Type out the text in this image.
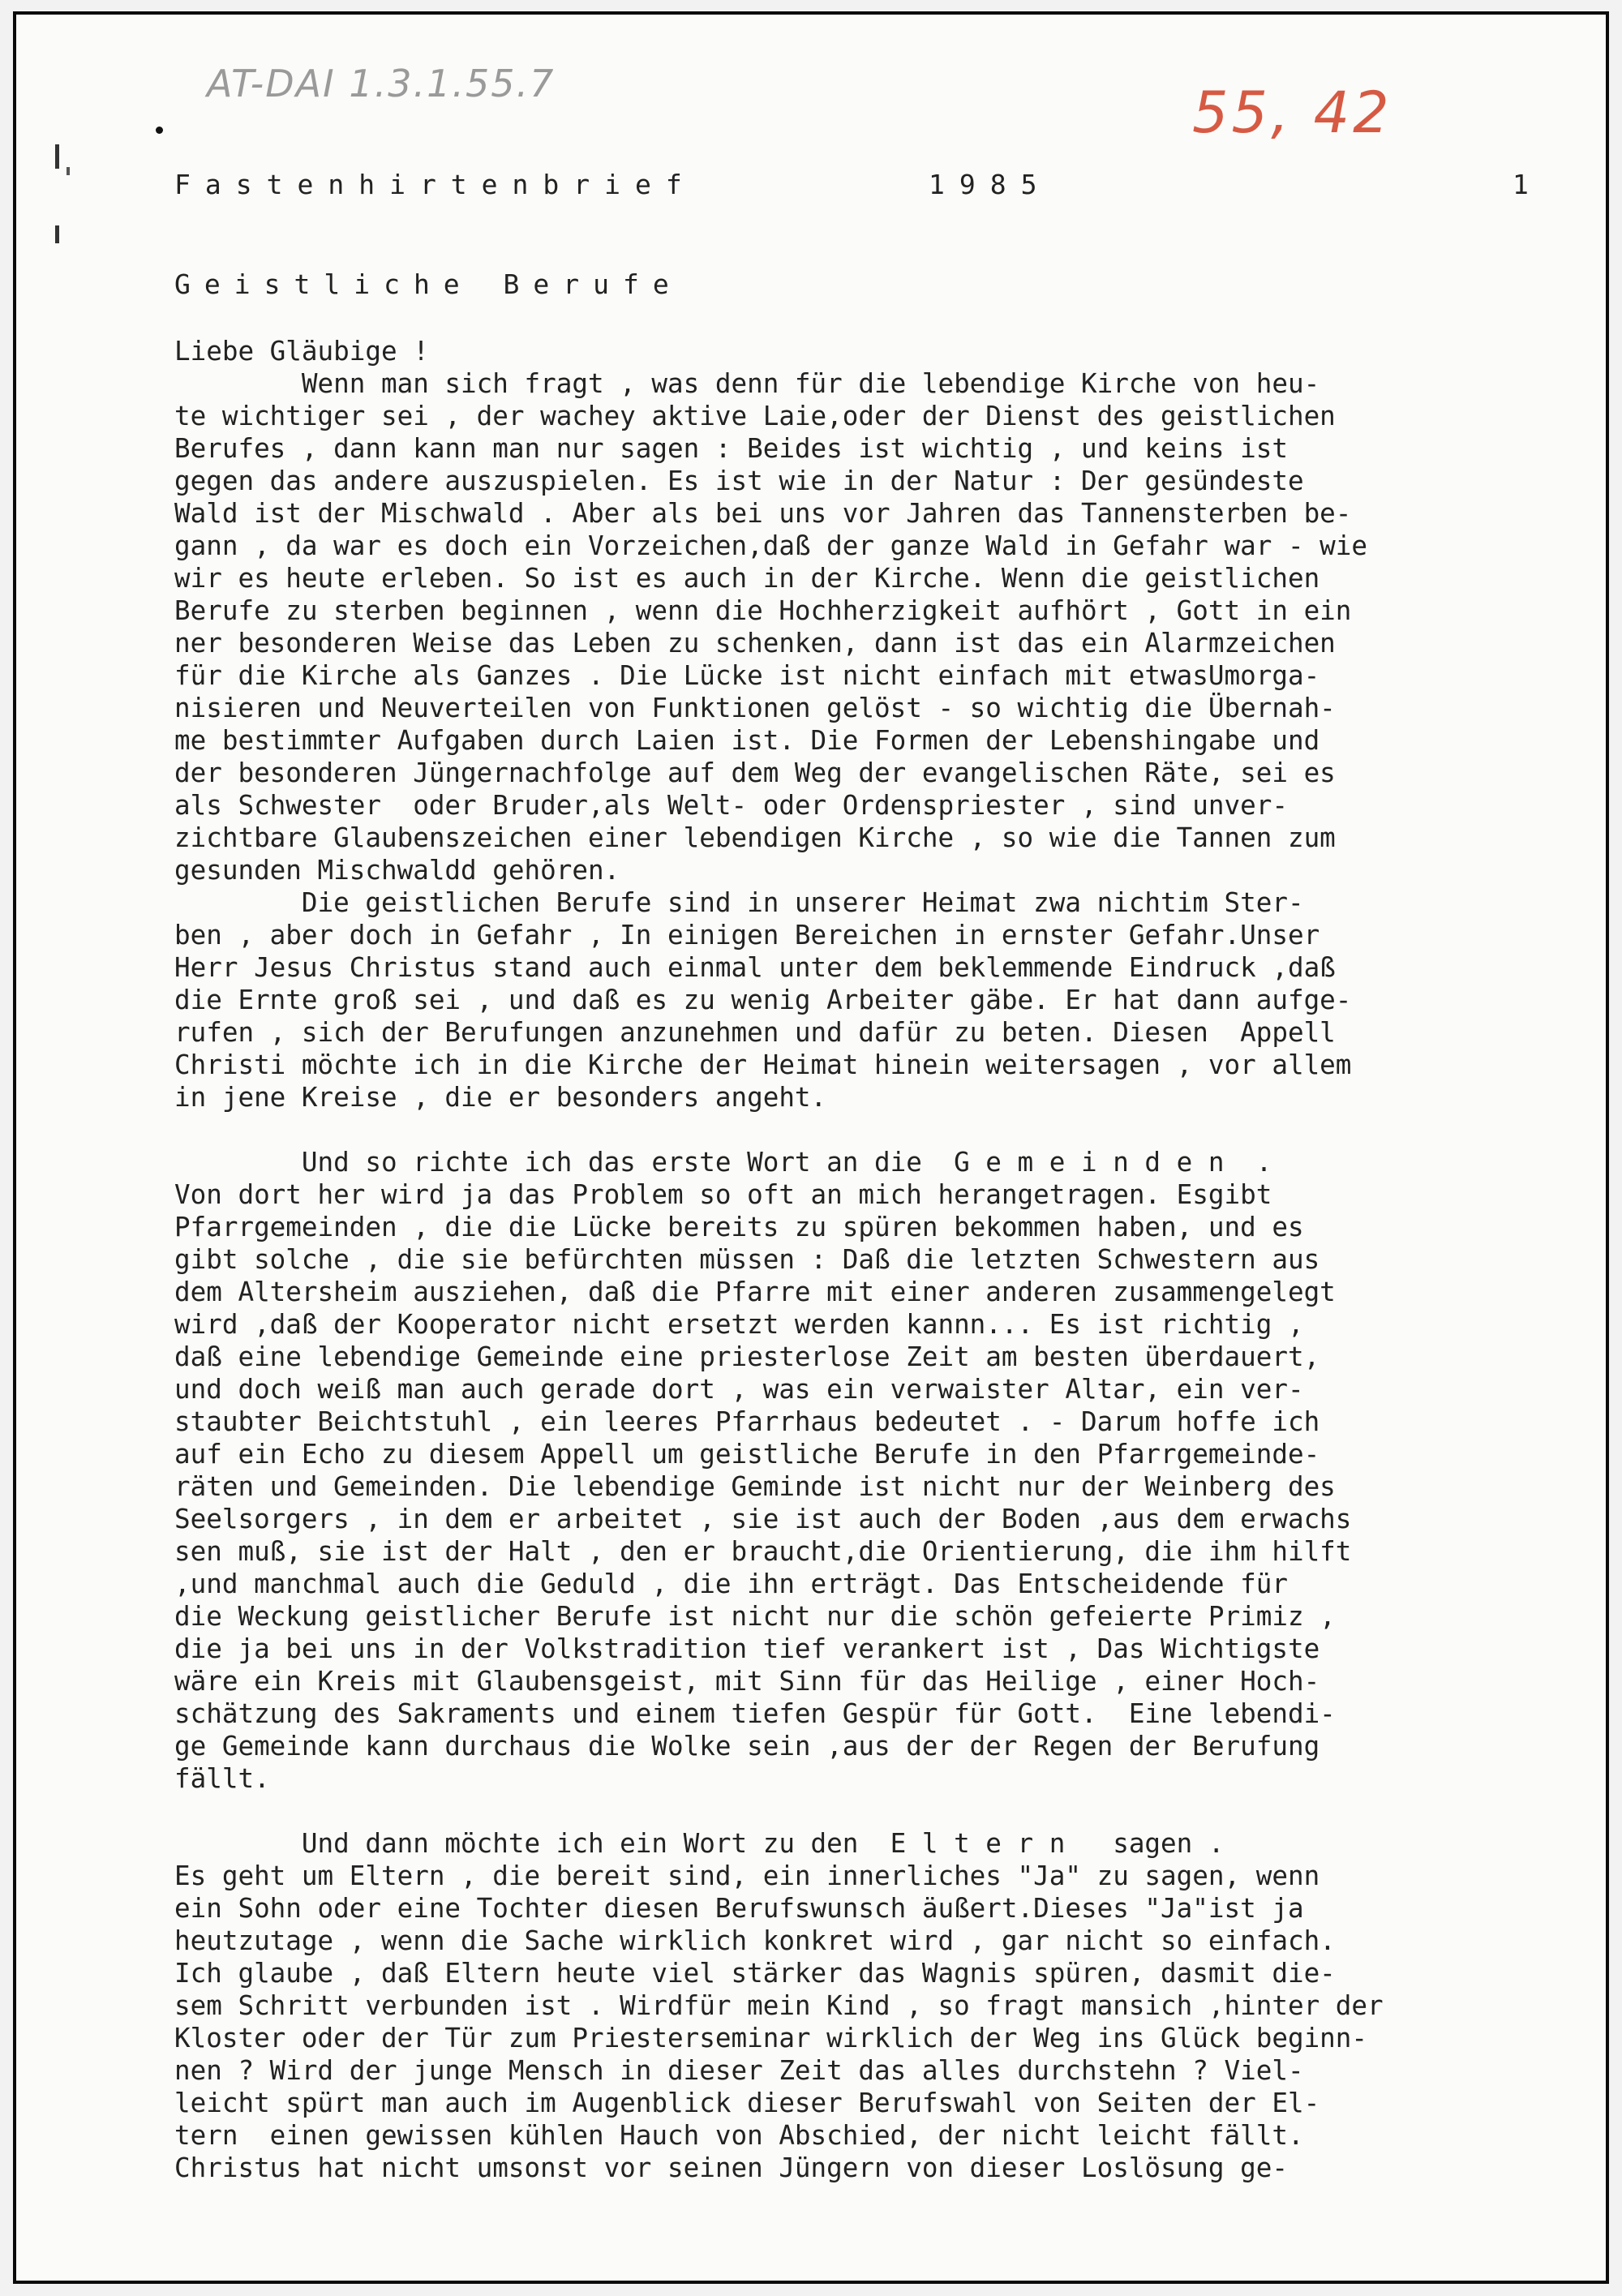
AT-DAI 1.3.1.55.7	55, 42
Fastenhirtenbrief	1985	1
Geistliche Berufe
Liebe Gläubige !
Wenn man sich fragt , was denn für die lebendige Kirche von heu-
te wichtiger sei , der wachey aktive Laie,oder der Dienst des geistlichen
Berufes , dann kann man nur sagen : Beides ist wichtig , und keins ist
gegen das andere auszuspielen. Es ist wie in der Natur : Der gesündeste
Wald ist der Mischwald . Aber als bei uns vor Jahren das Tannensterben be-
gann , da war es doch ein Vorzeichen,daß der ganze Wald in Gefahr war - wie
wir es heute erleben. So ist es auch in der Kirche. Wenn die geistlichen
Berufe zu sterben beginnen , wenn die Hochherzigkeit aufhört , Gott in ein
ner besonderen Weise das Leben zu schenken, dann ist das ein Alarmzeichen
für die Kirche als Ganzes . Die Lücke ist nicht einfach mit etwasUmorga-
nisieren und Neuverteilen von Funktionen gelöst - so wichtig die Übernah-
me bestimmter Aufgaben durch Laien ist. Die Formen der Lebenshingabe und
der besonderen Jüngernachfolge auf dem Weg der evangelischen Räte, sei es
als Schwester  oder Bruder,als Welt- oder Ordenspriester , sind unver-
zichtbare Glaubenszeichen einer lebendigen Kirche , so wie die Tannen zum
gesunden Mischwaldd gehören.
Die geistlichen Berufe sind in unserer Heimat zwa nichtim Ster-
ben , aber doch in Gefahr , In einigen Bereichen in ernster Gefahr.Unser
Herr Jesus Christus stand auch einmal unter dem beklemmende Eindruck ,daß
die Ernte groß sei , und daß es zu wenig Arbeiter gäbe. Er hat dann aufge-
rufen , sich der Berufungen anzunehmen und dafür zu beten. Diesen  Appell
Christi möchte ich in die Kirche der Heimat hinein weitersagen , vor allem
in jene Kreise , die er besonders angeht.
Und so richte ich das erste Wort an die  G e m e i n d e n  .
Von dort her wird ja das Problem so oft an mich herangetragen. Esgibt
Pfarrgemeinden , die die Lücke bereits zu spüren bekommen haben, und es
gibt solche , die sie befürchten müssen : Daß die letzten Schwestern aus
dem Altersheim ausziehen, daß die Pfarre mit einer anderen zusammengelegt
wird ,daß der Kooperator nicht ersetzt werden kannn... Es ist richtig ,
daß eine lebendige Gemeinde eine priesterlose Zeit am besten überdauert,
und doch weiß man auch gerade dort , was ein verwaister Altar, ein ver-
staubter Beichtstuhl , ein leeres Pfarrhaus bedeutet . - Darum hoffe ich
auf ein Echo zu diesem Appell um geistliche Berufe in den Pfarrgemeinde-
räten und Gemeinden. Die lebendige Geminde ist nicht nur der Weinberg des
Seelsorgers , in dem er arbeitet , sie ist auch der Boden ,aus dem erwachs
sen muß, sie ist der Halt , den er braucht,die Orientierung, die ihm hilft
,und manchmal auch die Geduld , die ihn erträgt. Das Entscheidende für
die Weckung geistlicher Berufe ist nicht nur die schön gefeierte Primiz ,
die ja bei uns in der Volkstradition tief verankert ist , Das Wichtigste
wäre ein Kreis mit Glaubensgeist, mit Sinn für das Heilige , einer Hoch-
schätzung des Sakraments und einem tiefen Gespür für Gott.  Eine lebendi-
ge Gemeinde kann durchaus die Wolke sein ,aus der der Regen der Berufung
fällt.
Und dann möchte ich ein Wort zu den  E l t e r n   sagen .
Es geht um Eltern , die bereit sind, ein innerliches "Ja" zu sagen, wenn
ein Sohn oder eine Tochter diesen Berufswunsch äußert.Dieses "Ja"ist ja
heutzutage , wenn die Sache wirklich konkret wird , gar nicht so einfach.
Ich glaube , daß Eltern heute viel stärker das Wagnis spüren, dasmit die-
sem Schritt verbunden ist . Wirdfür mein Kind , so fragt mansich ,hinter der
Kloster oder der Tür zum Priesterseminar wirklich der Weg ins Glück beginn-
nen ? Wird der junge Mensch in dieser Zeit das alles durchstehn ? Viel-
leicht spürt man auch im Augenblick dieser Berufswahl von Seiten der El-
tern  einen gewissen kühlen Hauch von Abschied, der nicht leicht fällt.
Christus hat nicht umsonst vor seinen Jüngern von dieser Loslösung ge-
